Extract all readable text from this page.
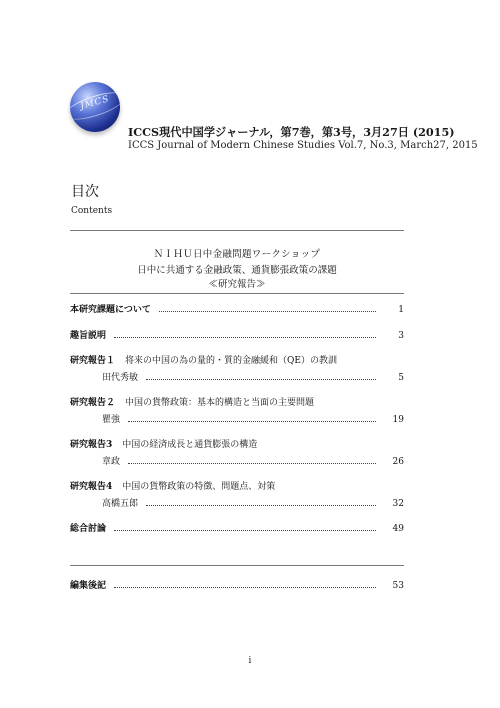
JMCS
ICCS現代中国学ジャーナル，第7巻，第3号，3月27日 (2015)
ICCS Journal of Modern Chinese Studies Vol.7, No.3, March27, 2015
目次
Contents
ＮＩＨＵ日中金融問題ワークショップ
日中に共通する金融政策、通貨膨張政策の課題
≪研究報告≫
本研究課題について	1
趣旨説明	3
研究報告１ 将来の中国の為の量的・質的金融緩和（QE）の教訓
田代秀敏	5
研究報告２ 中国の貨幣政策：基本的構造と当面の主要問題
瞿強	19
研究報告3 中国の経済成長と通貨膨張の構造
章政	26
研究報告4 中国の貨幣政策の特徴、問題点、対策
高橋五郎	32
総合討論	49
編集後記	53
i
